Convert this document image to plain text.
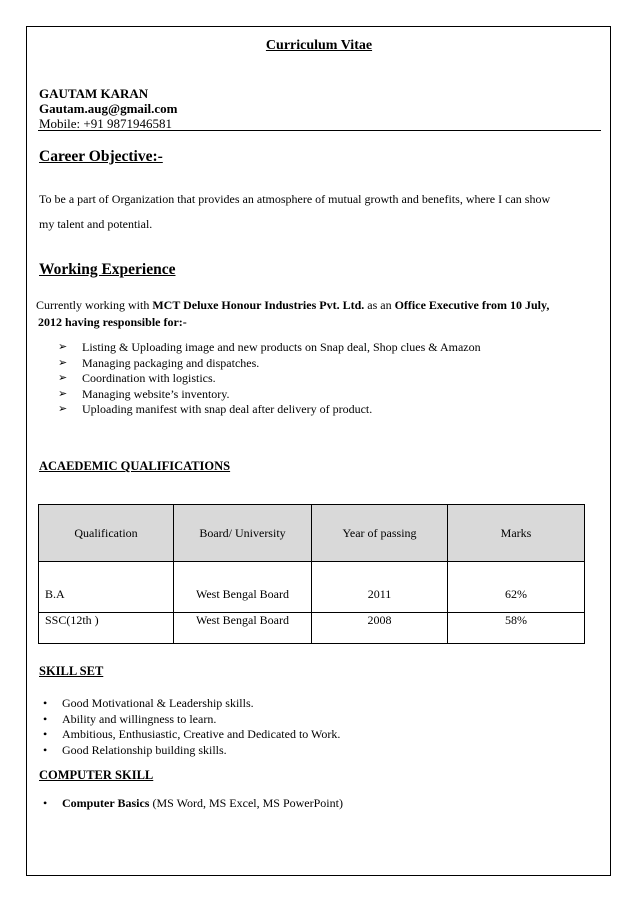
Curriculum Vitae
GAUTAM KARAN
Gautam.aug@gmail.com
Mobile: +91 9871946581
Career Objective:-
To be a part of Organization that provides an atmosphere of mutual growth and benefits, where I can show
my talent and potential.
Working Experience
Currently working with MCT Deluxe Honour Industries Pvt. Ltd. as an Office Executive from 10 July,
2012 having responsible for:-
➢ Listing & Uploading image and new products on Snap deal, Shop clues & Amazon
➢ Managing packaging and dispatches.
➢ Coordination with logistics.
➢ Managing website’s inventory.
➢ Uploading manifest with snap deal after delivery of product.
ACAEDEMIC QUALIFICATIONS
Qualification	Board/ University	Year of passing	Marks
B.A	West Bengal Board	2011	62%
SSC(12th )	West Bengal Board	2008	58%
SKILL SET
• Good Motivational & Leadership skills.
• Ability and willingness to learn.
• Ambitious, Enthusiastic, Creative and Dedicated to Work.
• Good Relationship building skills.
COMPUTER SKILL
• Computer Basics (MS Word, MS Excel, MS PowerPoint)
